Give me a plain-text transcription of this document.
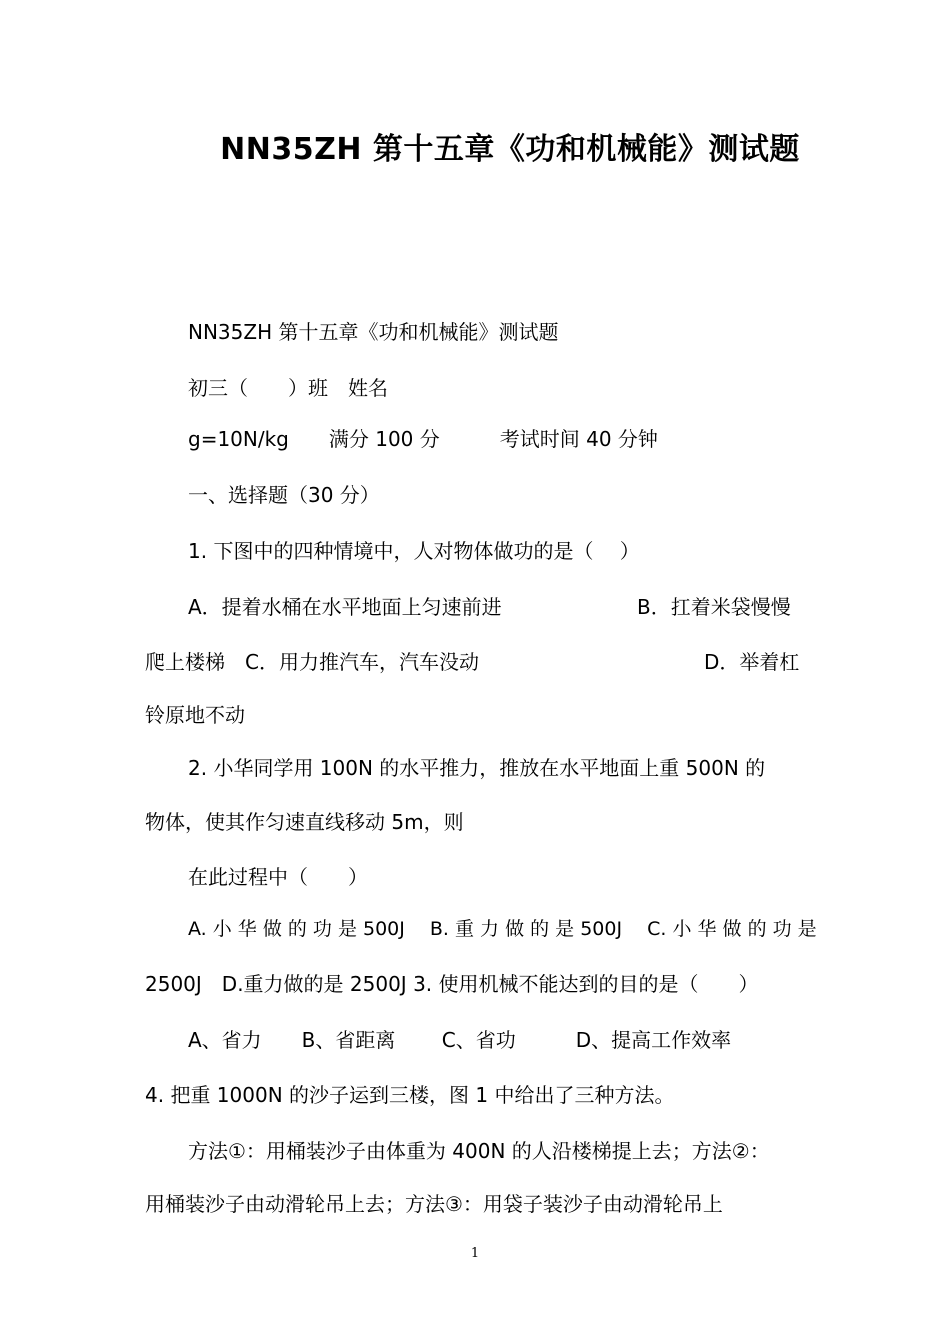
NN35ZH 第十五章《功和机械能》测试题
NN35ZH 第十五章《功和机械能》测试题
初三（　　）班　姓名
g=10N/kg　　满分 100 分　　　考试时间 40 分钟
一、选择题（30 分）
1. 下图中的四种情境中，人对物体做功的是（　 ）
A．提着水桶在水平地面上匀速前进	B．扛着米袋慢慢
爬上楼梯　C．用力推汽车，汽车没动	D．举着杠
铃原地不动
2. 小华同学用 100N 的水平推力，推放在水平地面上重 500N 的
物体，使其作匀速直线移动 5m，则
在此过程中（　　）
A. 小 华 做 的 功 是 500J　 B. 重 力 做 的 是 500J　 C. 小 华 做 的 功 是
2500J　D.重力做的是 2500J 3. 使用机械不能达到的目的是（　　）
A、省力　　B、省距离　　 C、省功　　　D、提高工作效率
4. 把重 1000N 的沙子运到三楼，图 1 中给出了三种方法。
方法①：用桶装沙子由体重为 400N 的人沿楼梯提上去；方法②：
用桶装沙子由动滑轮吊上去；方法③：用袋子装沙子由动滑轮吊上
1
